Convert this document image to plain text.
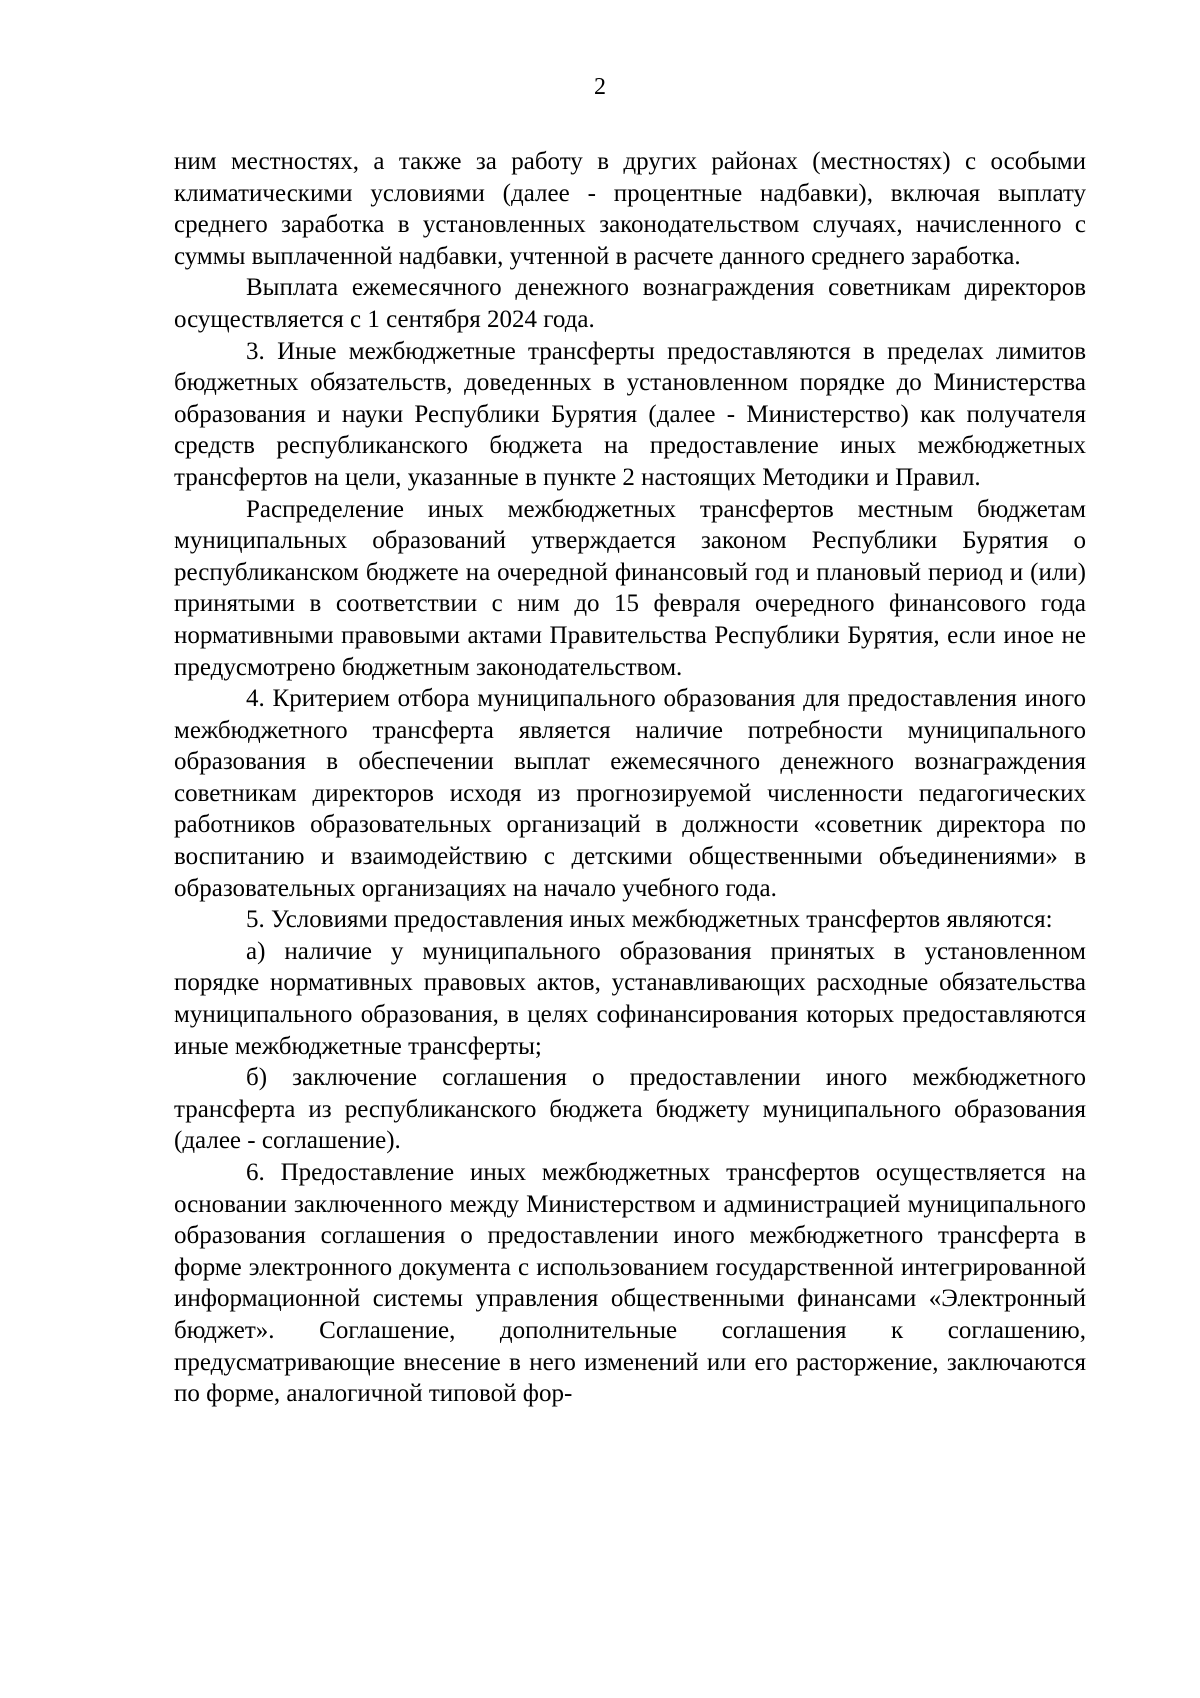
2

ним местностях, а также за работу в других районах (местностях) с особыми климатическими условиями (далее - процентные надбавки), включая выплату среднего заработка в установленных законодательством случаях, начисленного с суммы выплаченной надбавки, учтенной в расчете данного среднего заработка.

Выплата ежемесячного денежного вознаграждения советникам директоров осуществляется с 1 сентября 2024 года.

3. Иные межбюджетные трансферты предоставляются в пределах лимитов бюджетных обязательств, доведенных в установленном порядке до Министерства образования и науки Республики Бурятия (далее - Министерство) как получателя средств республиканского бюджета на предоставление иных межбюджетных трансфертов на цели, указанные в пункте 2 настоящих Методики и Правил.

Распределение иных межбюджетных трансфертов местным бюджетам муниципальных образований утверждается законом Республики Бурятия о республиканском бюджете на очередной финансовый год и плановый период и (или) принятыми в соответствии с ним до 15 февраля очередного финансового года нормативными правовыми актами Правительства Республики Бурятия, если иное не предусмотрено бюджетным законодательством.

4. Критерием отбора муниципального образования для предоставления иного межбюджетного трансферта является наличие потребности муниципального образования в обеспечении выплат ежемесячного денежного вознаграждения советникам директоров исходя из прогнозируемой численности педагогических работников образовательных организаций в должности «советник директора по воспитанию и взаимодействию с детскими общественными объединениями» в образовательных организациях на начало учебного года.

5. Условиями предоставления иных межбюджетных трансфертов являются:

а) наличие у муниципального образования принятых в установленном порядке нормативных правовых актов, устанавливающих расходные обязательства муниципального образования, в целях софинансирования которых предоставляются иные межбюджетные трансферты;

б) заключение соглашения о предоставлении иного межбюджетного трансферта из республиканского бюджета бюджету муниципального образования (далее - соглашение).

6. Предоставление иных межбюджетных трансфертов осуществляется на основании заключенного между Министерством и администрацией муниципального образования соглашения о предоставлении иного межбюджетного трансферта в форме электронного документа с использованием государственной интегрированной информационной системы управления общественными финансами «Электронный бюджет». Соглашение, дополнительные соглашения к соглашению, предусматривающие внесение в него изменений или его расторжение, заключаются по форме, аналогичной типовой фор-
